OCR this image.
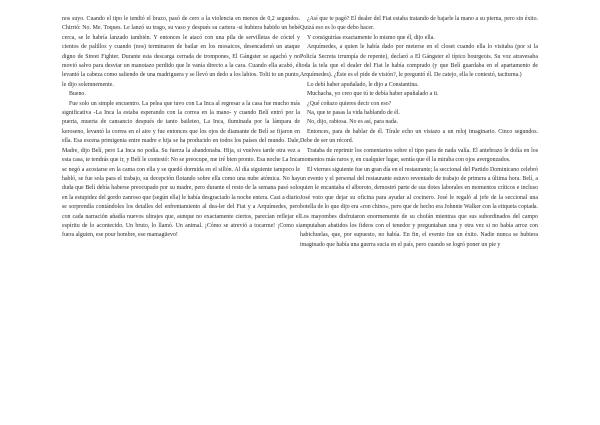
nos suyo. Cuando el tipo le tendió el brazo, pasó de cero a la violencia en menos de 0,2 segundos. Chirrió: No. Me. Toques. Le lanzó su trago, su vaso y después su cartera -si hubiera habido un bebé cerca, se le habría lanzado también. Y entonces le atacó con una pila de servilletas de cóctel y cientos de palillos y cuando (nos) terminaron de bailar en los mosaicos, desencadenó un ataque digno de Street Fighter. Durante esta descarga cerrada de trompones, El Gángster se agachó y no movió salvo para desviar un manotazo perdido que le vanía directo a la cara. Cuando ella acabó, él levantó la cabeza como saliendo de una madriguera y se llevó un dedo a los labios. Tolti to un punto, le dijo solemnemente.

Bueno.

Fue solo un simple encuentro. La pelea que tuvo con La Inca al regresar a la casa fue mucho más significativa -La Inca la estaba esperando con la correa en la mano- y cuando Belí entró por la puerta, muerta de cansancio después de tanto baileteo, La Inca, iluminada por la lámpara de keroseno, levantó la correa en el aire y fue entonces que los ojos de diamante de Belí se fijaron en ella. Esa escena primigenia entre madre e hija se ha producido en todos los países del mundo. Dale, Madre, dijo Belí, pero La Inca no podía. Su fuerza la abandonaba. Hija, si vuelves tarde otra vez a esta casa, te tendrás que ir, y Belí le contestó: No se preocupe, me iré bien pronto. Esa noche La Inca se negó a acostarse en la cama con ella y se quedó dormida en el sillón. Al día siguiente tampoco le habló, se fue sola para el trabajo, su decepción flotando sobre ella como una nube atómica. No hay duda que Belí debía haberse preocupado por su madre, pero durante el resto de la semana pasó solo en la estupidez del gordo zanroso que (según ella) le había desgraciado la noche entera. Casi a diario se sorprendía contándoles los detalles del enfrentamiento al dea-ler del Fiat y a Arquímedes, pero con cada narración añadía nuevos ultrajes que, aunque no exactamente ciertos, parecían reflejar el espíritu de lo acontecido. Un bruto, lo llamó. Un animal. ¡Cómo se atrevió a tocarme! ¡Como si fuera alguien, ese pour hombre, ese mamagüevo!

¿Así que te pagó? El dealer del Fiat estaba tratando de bajarle la mano a su pierna, pero sin éxito. Quizá eso es lo que debo hacer.

Y consiguirías exactamente lo mismo que él, dijo ella.

Arquímedes, a quien le había dado por meterse en el closet cuando ella lo visitaba (por si la Policía Secreta irrumpía de repente), declaró a El Gángster el típico bourgeois. Su voz atravesaba toda la tela que el dealer del Fiat le había comprado (y que Belí guardaba en el apartamento de Arquímedes). ¿Éste es el pide de visión?, le preguntó él. De catejo, ella le contestó, taciturna.)

Lo debí haber apuñalado, le dijo a Constantina.

Muchacha, yo creo que tú te debía haber apuñalado a ti.

¿Qué coñazo quieres decir con eso?

Na, que te pasas la vida hablando de él.

No, dijo, rabiosa. No es así, para nada.

Entonces, para de hablar de él. Tírale echo un vistazo a un reloj imaginario. Cinco segundos. Debe de ser un récord.

Trataba de reprimir los comentarios sobre el tipo para de nada valía. El antebrazo le dolía en los momentos más raros y, en cualquier lugar, sentía que él la miraba con ojos avergonzados.

El viernes siguiente fue un gran día en el restaurante; la seccional del Partido Dominicano celebró un evento y el personal del restaurante estuvo reventado de trabajo de primera a última hora. Belí, a quien le encantaba el alboroto, demostró parte de sus dotes laborales en momentos críticos e incluso José voto que dejar su oficina para ayudar al cocinero. José le regaló al jefe de la seccional una botella de lo que dijo era «ron chino», pero que de hecho era Johnnie Walker con la etiqueta copiada. Los mayombes disfrutaron enormemente de su chofán mientras que sus subordinados del campo amputaban abatidos los fideos con el tenedor y preguntaban una y otra vez si no había arroz con habichuelas, que, por supuesto, no había. En fin, el evento fue un éxito. Nadie nunca se hubiera imaginado que había una guerra sucia en el país, pero cuando se logró poner un pie y
